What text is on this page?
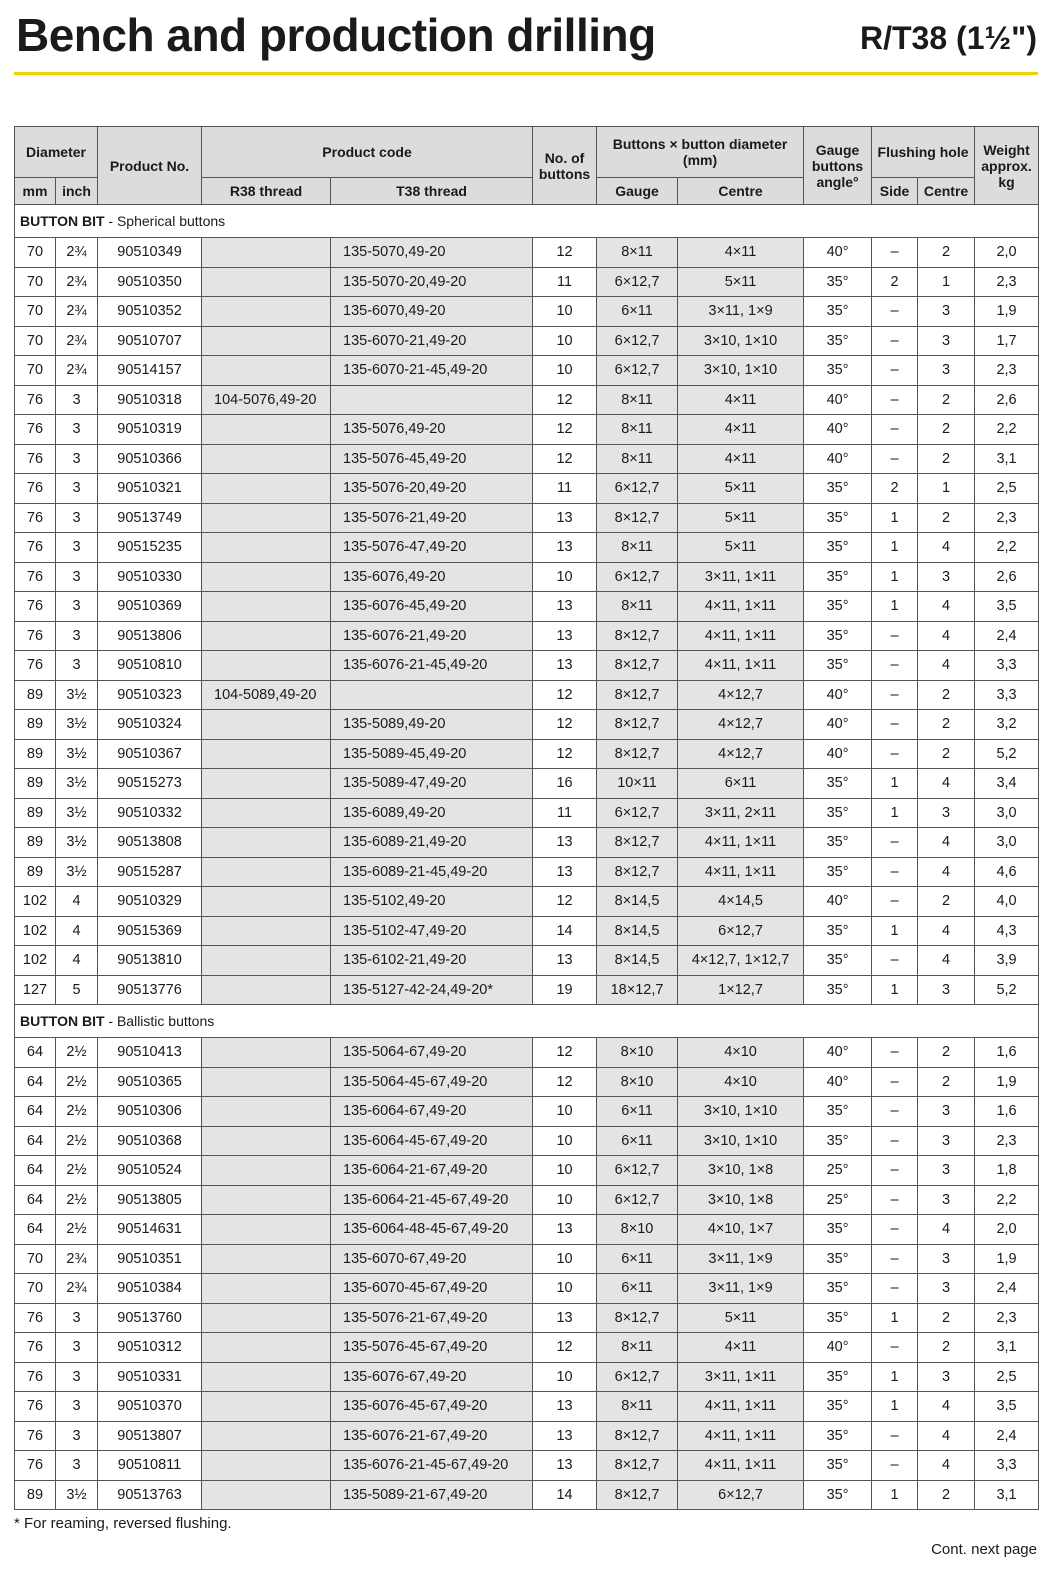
Bench and production drilling	R/T38 (1½")
Diameter		Product No.	Product code		No. of buttons	Buttons × button diameter (mm)		Gauge buttons angle°	Flushing hole		Weight approx. kg
mm	inch		R38 thread	T38 thread		Gauge	Centre		Side	Centre	
BUTTON BIT - Spherical buttons											
70	2¾	90510349		135-5070,49-20	12	8×11	4×11	40°	–	2	2,0
70	2¾	90510350		135-5070-20,49-20	11	6×12,7	5×11	35°	2	1	2,3
70	2¾	90510352		135-6070,49-20	10	6×11	3×11, 1×9	35°	–	3	1,9
70	2¾	90510707		135-6070-21,49-20	10	6×12,7	3×10, 1×10	35°	–	3	1,7
70	2¾	90514157		135-6070-21-45,49-20	10	6×12,7	3×10, 1×10	35°	–	3	2,3
76	3	90510318	104-5076,49-20		12	8×11	4×11	40°	–	2	2,6
76	3	90510319		135-5076,49-20	12	8×11	4×11	40°	–	2	2,2
76	3	90510366		135-5076-45,49-20	12	8×11	4×11	40°	–	2	3,1
76	3	90510321		135-5076-20,49-20	11	6×12,7	5×11	35°	2	1	2,5
76	3	90513749		135-5076-21,49-20	13	8×12,7	5×11	35°	1	2	2,3
76	3	90515235		135-5076-47,49-20	13	8×11	5×11	35°	1	4	2,2
76	3	90510330		135-6076,49-20	10	6×12,7	3×11, 1×11	35°	1	3	2,6
76	3	90510369		135-6076-45,49-20	13	8×11	4×11, 1×11	35°	1	4	3,5
76	3	90513806		135-6076-21,49-20	13	8×12,7	4×11, 1×11	35°	–	4	2,4
76	3	90510810		135-6076-21-45,49-20	13	8×12,7	4×11, 1×11	35°	–	4	3,3
89	3½	90510323	104-5089,49-20		12	8×12,7	4×12,7	40°	–	2	3,3
89	3½	90510324		135-5089,49-20	12	8×12,7	4×12,7	40°	–	2	3,2
89	3½	90510367		135-5089-45,49-20	12	8×12,7	4×12,7	40°	–	2	5,2
89	3½	90515273		135-5089-47,49-20	16	10×11	6×11	35°	1	4	3,4
89	3½	90510332		135-6089,49-20	11	6×12,7	3×11, 2×11	35°	1	3	3,0
89	3½	90513808		135-6089-21,49-20	13	8×12,7	4×11, 1×11	35°	–	4	3,0
89	3½	90515287		135-6089-21-45,49-20	13	8×12,7	4×11, 1×11	35°	–	4	4,6
102	4	90510329		135-5102,49-20	12	8×14,5	4×14,5	40°	–	2	4,0
102	4	90515369		135-5102-47,49-20	14	8×14,5	6×12,7	35°	1	4	4,3
102	4	90513810		135-6102-21,49-20	13	8×14,5	4×12,7, 1×12,7	35°	–	4	3,9
127	5	90513776		135-5127-42-24,49-20*	19	18×12,7	1×12,7	35°	1	3	5,2
BUTTON BIT - Ballistic buttons											
64	2½	90510413		135-5064-67,49-20	12	8×10	4×10	40°	–	2	1,6
64	2½	90510365		135-5064-45-67,49-20	12	8×10	4×10	40°	–	2	1,9
64	2½	90510306		135-6064-67,49-20	10	6×11	3×10, 1×10	35°	–	3	1,6
64	2½	90510368		135-6064-45-67,49-20	10	6×11	3×10, 1×10	35°	–	3	2,3
64	2½	90510524		135-6064-21-67,49-20	10	6×12,7	3×10, 1×8	25°	–	3	1,8
64	2½	90513805		135-6064-21-45-67,49-20	10	6×12,7	3×10, 1×8	25°	–	3	2,2
64	2½	90514631		135-6064-48-45-67,49-20	13	8×10	4×10, 1×7	35°	–	4	2,0
70	2¾	90510351		135-6070-67,49-20	10	6×11	3×11, 1×9	35°	–	3	1,9
70	2¾	90510384		135-6070-45-67,49-20	10	6×11	3×11, 1×9	35°	–	3	2,4
76	3	90513760		135-5076-21-67,49-20	13	8×12,7	5×11	35°	1	2	2,3
76	3	90510312		135-5076-45-67,49-20	12	8×11	4×11	40°	–	2	3,1
76	3	90510331		135-6076-67,49-20	10	6×12,7	3×11, 1×11	35°	1	3	2,5
76	3	90510370		135-6076-45-67,49-20	13	8×11	4×11, 1×11	35°	1	4	3,5
76	3	90513807		135-6076-21-67,49-20	13	8×12,7	4×11, 1×11	35°	–	4	2,4
76	3	90510811		135-6076-21-45-67,49-20	13	8×12,7	4×11, 1×11	35°	–	4	3,3
89	3½	90513763		135-5089-21-67,49-20	14	8×12,7	6×12,7	35°	1	2	3,1
* For reaming, reversed flushing.
Cont. next page
